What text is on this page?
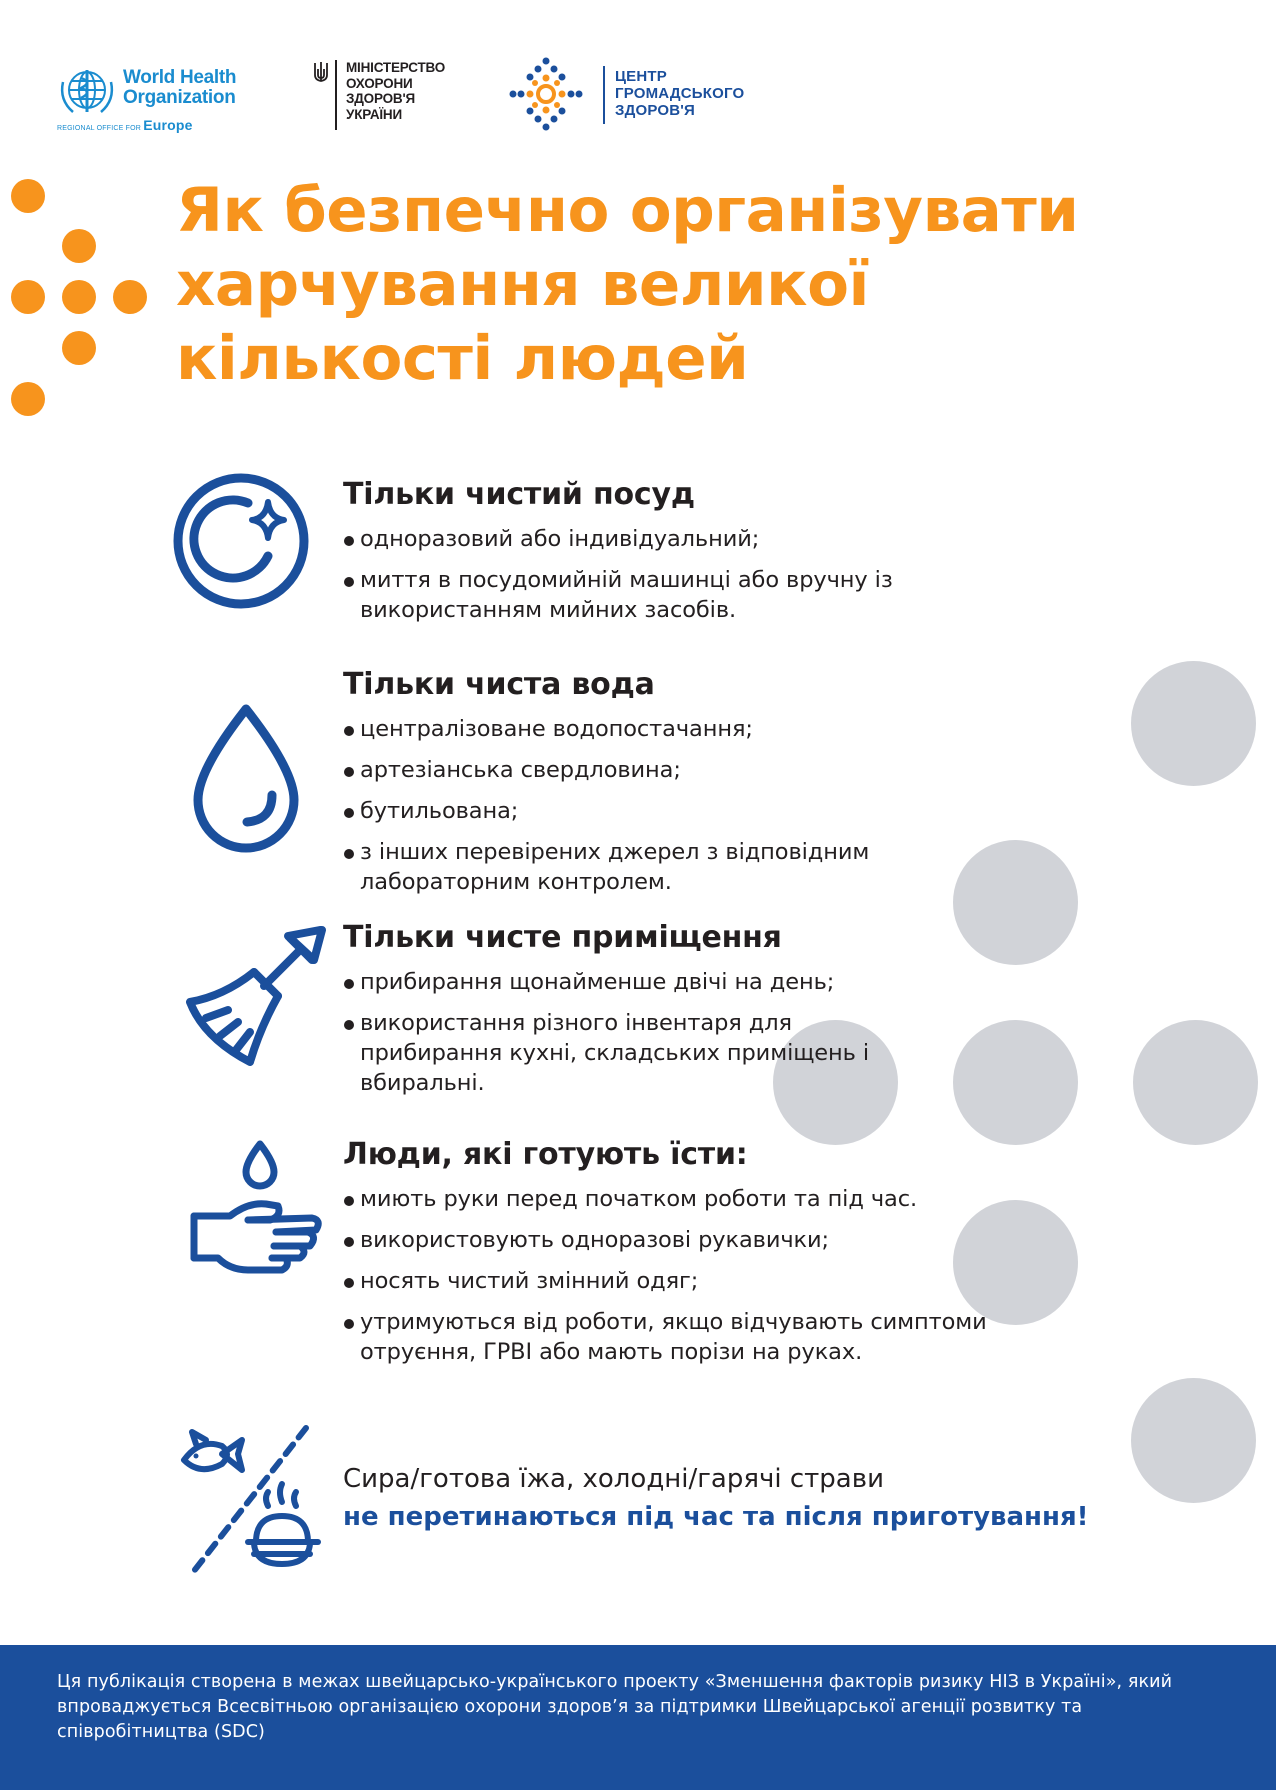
World Health
Organization
REGIONAL OFFICE FOR Europe
МІНІСТЕРСТВО
ОХОРОНИ
ЗДОРОВ'Я
УКРАЇНИ
ЦЕНТР
ГРОМАДСЬКОГО
ЗДОРОВ'Я
Як безпечно організувати
харчування великої
кількості людей
Тільки чистий посуд
одноразовий або індивідуальний;
миття в посудомийній машинці або вручну із використанням мийних засобів.
Тільки чиста вода
централізоване водопостачання;
артезіанська свердловина;
бутильована;
з інших перевірених джерел з відповідним лабораторним контролем.
Тільки чисте приміщення
прибирання щонайменше двічі на день;
використання різного інвентаря для прибирання кухні, складських приміщень і вбиральні.
Люди, які готують їсти:
миють руки перед початком роботи та під час.
використовують одноразові рукавички;
носять чистий змінний одяг;
утримуються від роботи, якщо відчувають симптоми отруєння, ГРВІ або мають порізи на руках.
Сира/готова їжа, холодні/гарячі страви
не перетинаються під час та після приготування!

Ця публікація створена в межах швейцарсько-українського проекту «Зменшення факторів ризику НІЗ в Україні», який впроваджується Всесвітньою організацією охорони здоров’я за підтримки Швейцарської агенції розвитку та співробітництва (SDC)
